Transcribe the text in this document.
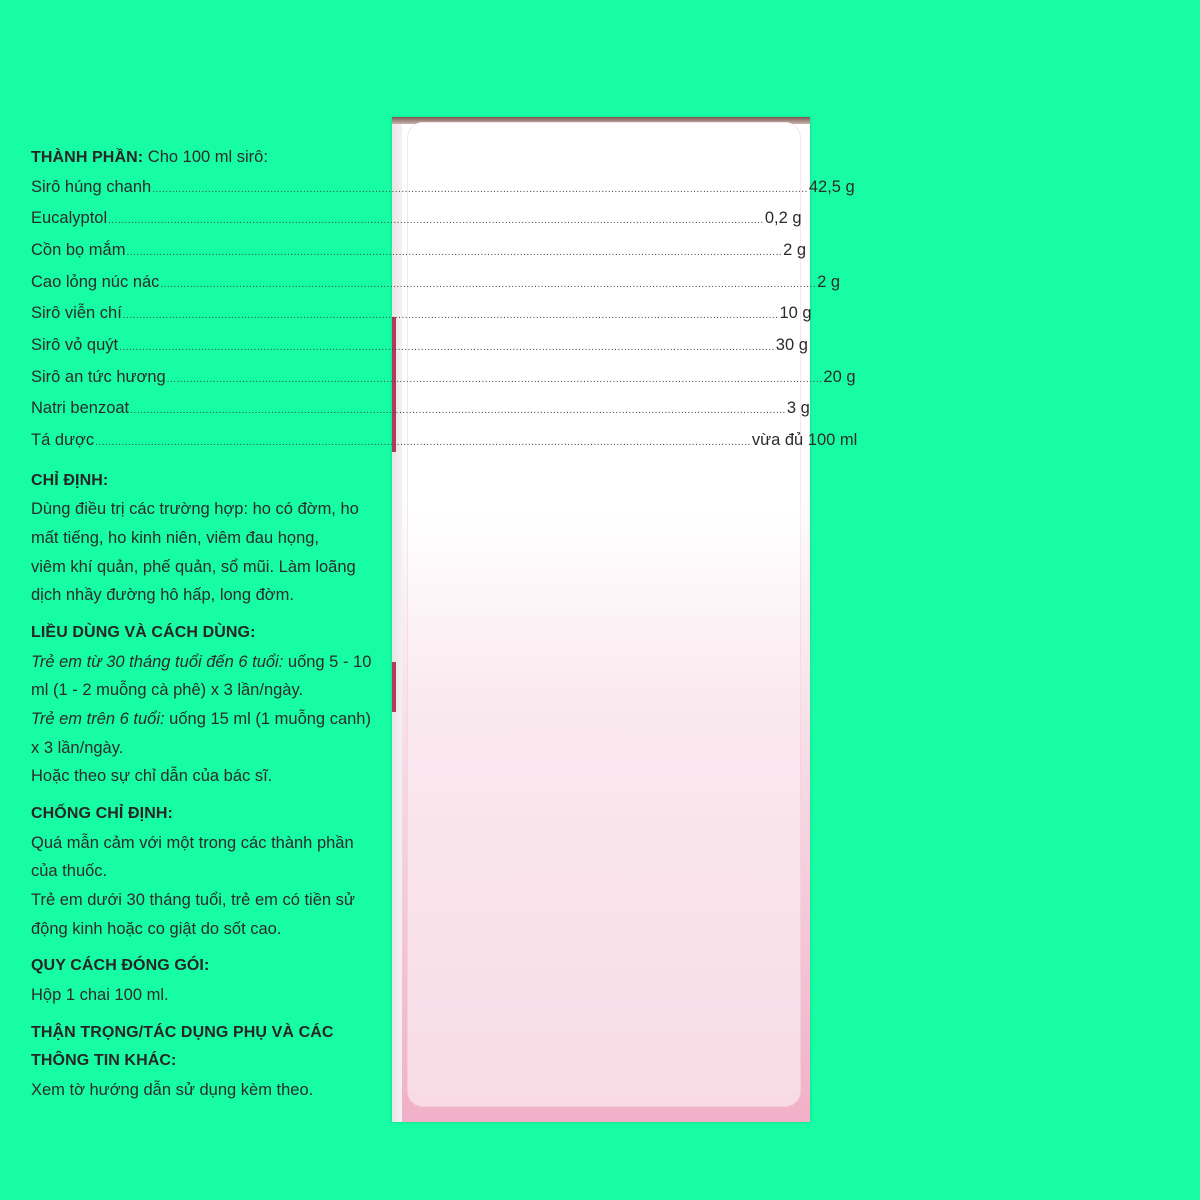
THÀNH PHẦN: Cho 100 ml sirô:
Sirô húng chanh ........................................................................................................................................................................................................ 42,5 g
Eucalyptol ........................................................................................................................................................................................................ 0,2 g
Cồn bọ mắm ........................................................................................................................................................................................................ 2 g
Cao lỏng núc nác ........................................................................................................................................................................................................ 2 g
Sirô viễn chí ........................................................................................................................................................................................................ 10 g
Sirô vỏ quýt ........................................................................................................................................................................................................ 30 g
Sirô an tức hương ........................................................................................................................................................................................................ 20 g
Natri benzoat ........................................................................................................................................................................................................ 3 g
Tá dược ........................................................................................................................................................................................................ vừa đủ 100 ml
CHỈ ĐỊNH:
Dùng điều trị các trường hợp: ho có đờm, ho
mất tiếng, ho kinh niên, viêm đau họng,
viêm khí quản, phế quản, sổ mũi. Làm loãng
dịch nhầy đường hô hấp, long đờm.
LIỀU DÙNG VÀ CÁCH DÙNG:
Trẻ em từ 30 tháng tuổi đến 6 tuổi: uống 5 - 10
ml (1 - 2 muỗng cà phê) x 3 lần/ngày.
Trẻ em trên 6 tuổi: uống 15 ml (1 muỗng canh)
x 3 lần/ngày.
Hoặc theo sự chỉ dẫn của bác sĩ.
CHỐNG CHỈ ĐỊNH:
Quá mẫn cảm với một trong các thành phần
của thuốc.
Trẻ em dưới 30 tháng tuổi, trẻ em có tiền sử
động kinh hoặc co giật do sốt cao.
QUY CÁCH ĐÓNG GÓI:
Hộp 1 chai 100 ml.
THẬN TRỌNG/TÁC DỤNG PHỤ VÀ CÁC
THÔNG TIN KHÁC:
Xem tờ hướng dẫn sử dụng kèm theo.
